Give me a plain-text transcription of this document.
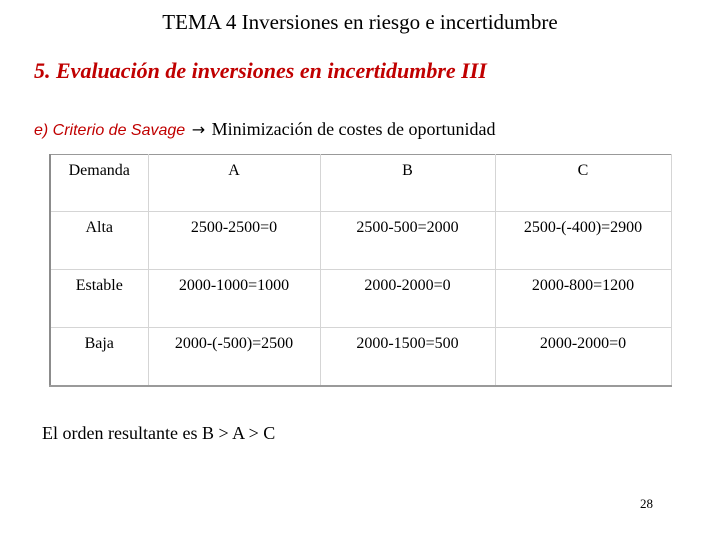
TEMA 4 Inversiones en riesgo e incertidumbre
5. Evaluación de inversiones en incertidumbre III
e) Criterio de Savage → Minimización de costes de oportunidad
Demanda	A	B	C
Alta	2500-2500=0	2500-500=2000	2500-(-400)=2900
Estable	2000-1000=1000	2000-2000=0	2000-800=1200
Baja	2000-(-500)=2500	2000-1500=500	2000-2000=0

El orden resultante es B > A > C

28
